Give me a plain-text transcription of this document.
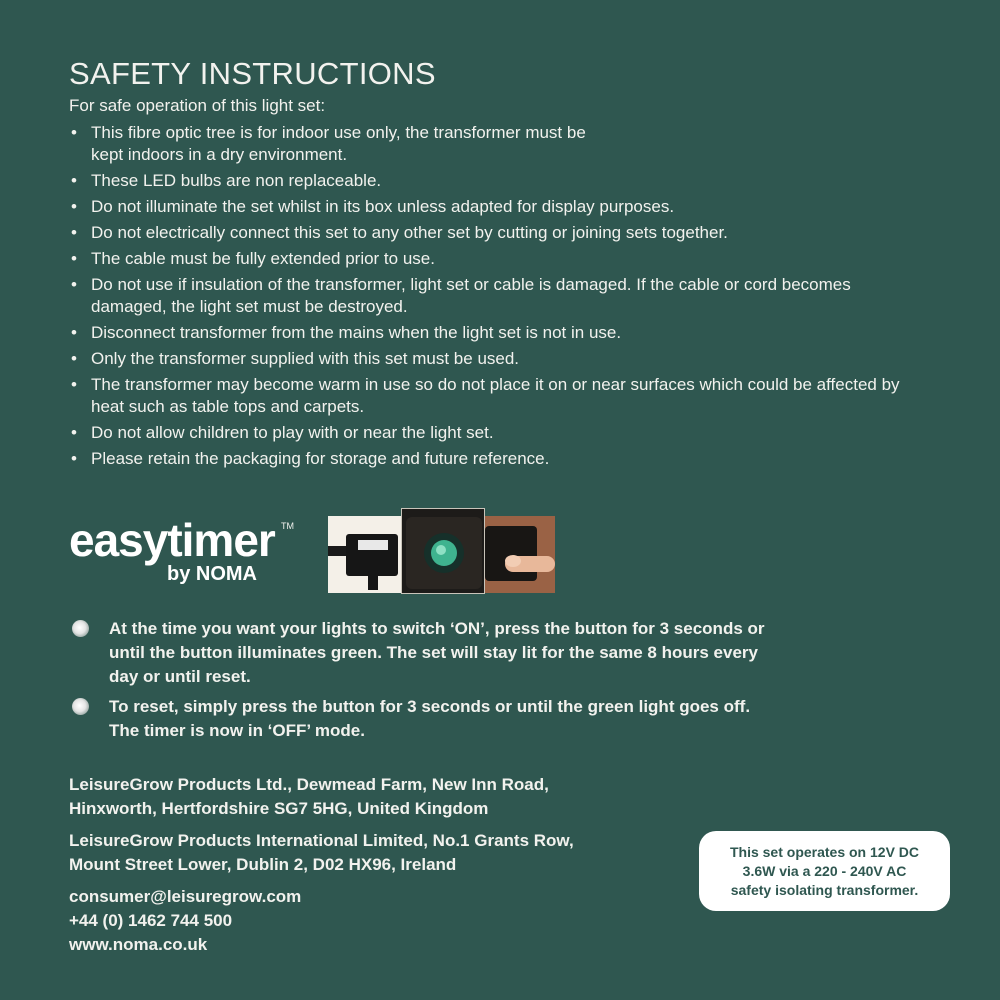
SAFETY INSTRUCTIONS
For safe operation of this light set:
• This fibre optic tree is for indoor use only, the transformer must be
kept indoors in a dry environment.
• These LED bulbs are non replaceable.
• Do not illuminate the set whilst in its box unless adapted for display purposes.
• Do not electrically connect this set to any other set by cutting or joining sets together.
• The cable must be fully extended prior to use.
• Do not use if insulation of the transformer, light set or cable is damaged. If the cable or cord becomes damaged, the light set must be destroyed.
• Disconnect transformer from the mains when the light set is not in use.
• Only the transformer supplied with this set must be used.
• The transformer may become warm in use so do not place it on or near surfaces which could be affected by heat such as table tops and carpets.
• Do not allow children to play with or near the light set.
• Please retain the packaging for storage and future reference.
easytimer TM
by NOMA
At the time you want your lights to switch ‘ON’, press the button for 3 seconds or until the button illuminates green. The set will stay lit for the same 8 hours every day or until reset.
To reset, simply press the button for 3 seconds or until the green light goes off. The timer is now in ‘OFF’ mode.
LeisureGrow Products Ltd., Dewmead Farm, New Inn Road,
Hinxworth, Hertfordshire SG7 5HG, United Kingdom
LeisureGrow Products International Limited, No.1 Grants Row,
Mount Street Lower, Dublin 2, D02 HX96, Ireland
consumer@leisuregrow.com
+44 (0) 1462 744 500
www.noma.co.uk
This set operates on 12V DC
3.6W via a 220 - 240V AC
safety isolating transformer.
